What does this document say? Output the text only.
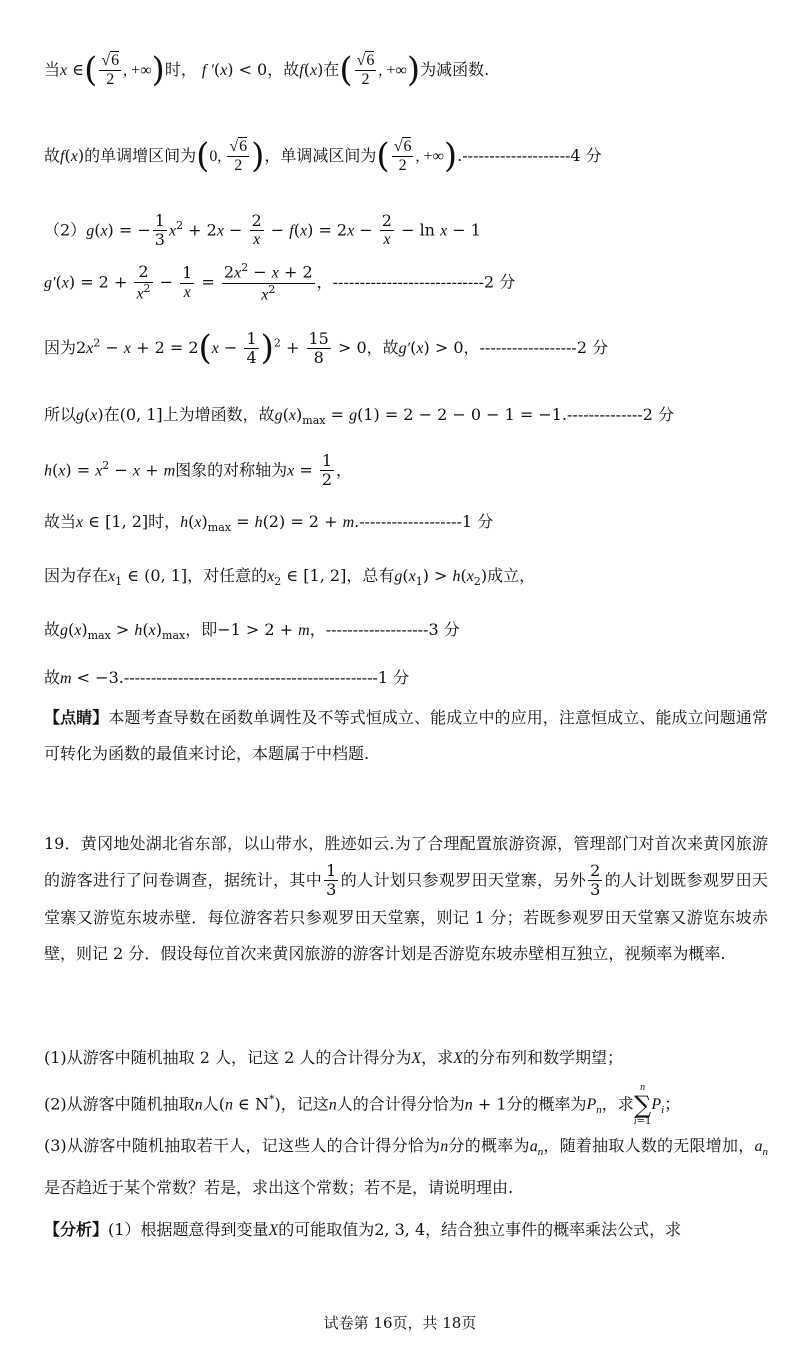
当x ∈( $\frac{√6}{2}$ , +∞)时， f ′(x) < 0，故f(x)在( $\frac{√6}{2}$ , +∞)为减函数.
故f(x)的单调增区间为(0, $\frac{√6}{2}$ )，单调减区间为( $\frac{√6}{2}$ , +∞).--------------------4 分
（2）g(x) = − $\frac{1}{3} x^2 + 2x - \frac{2}{x} - f(x) = 2x - \frac{2}{x} - \ln x - 1$
$g'(x) = 2 + \frac{2}{x^2} - \frac{1}{x} = \frac{2x^2 - x + 2}{x^2}$ ，----------------------------2 分
因为$2x^2 - x + 2 = 2(x - \frac{1}{4} )^2 + \frac{15}{8} > 0$，故g′(x) > 0，------------------2 分
所以g(x)在(0, 1]上为增函数，故$g(x)_{max} = g(1) = 2 - 2 - 0 - 1 = -1.--------------2$ 分
$h(x) = x^2 - x + m$图象的对称轴为$x = \frac{1}{2}$ ，
故当x ∈ [1, 2]时，$h(x)_{max} = h(2) = 2 + m.-------------------1$ 分
因为存在$x_1$ ∈ (0, 1]，对任意的$x_2$ ∈ [1, 2]，总有$g(x_1) > h(x_2)$成立，
故$g(x)_{max} > h(x)_{max}$，即−1 > 2 + m，-------------------3 分
故m < −3.-----------------------------------------------1 分
【点睛】本题考查导数在函数单调性及不等式恒成立、能成立中的应用，注意恒成立、能成立问题通常可转化为函数的最值来讨论，本题属于中档题.
19．黄冈地处湖北省东部，以山带水，胜迹如云.为了合理配置旅游资源，管理部门对首次来黄冈旅游的游客进行了问卷调查，据统计，其中 $\frac{1}{3}$ 的人计划只参观罗田天堂寨，另外 $\frac{2}{3}$ 的人计划既参观罗田天堂寨又游览东坡赤壁．每位游客若只参观罗田天堂寨，则记 1 分；若既参观罗田天堂寨又游览东坡赤壁，则记 2 分．假设每位首次来黄冈旅游的游客计划是否游览东坡赤壁相互独立，视频率为概率.
(1)从游客中随机抽取 2 人，记这 2 人的合计得分为X，求X的分布列和数学期望；
(2)从游客中随机抽取n人(n ∈ N*)，记这n人的合计得分恰为n + 1分的概率为$P_n$，求n
∑
$i=1P_i$；
(3)从游客中随机抽取若干人，记这些人的合计得分恰为n分的概率为$a_n$，随着抽取人数的无限增加，$a_n$是否趋近于某个常数？若是，求出这个常数；若不是，请说明理由.
【分析】(1）根据题意得到变量X的可能取值为2, 3, 4，结合独立事件的概率乘法公式，求
试卷第 16页，共 18页
